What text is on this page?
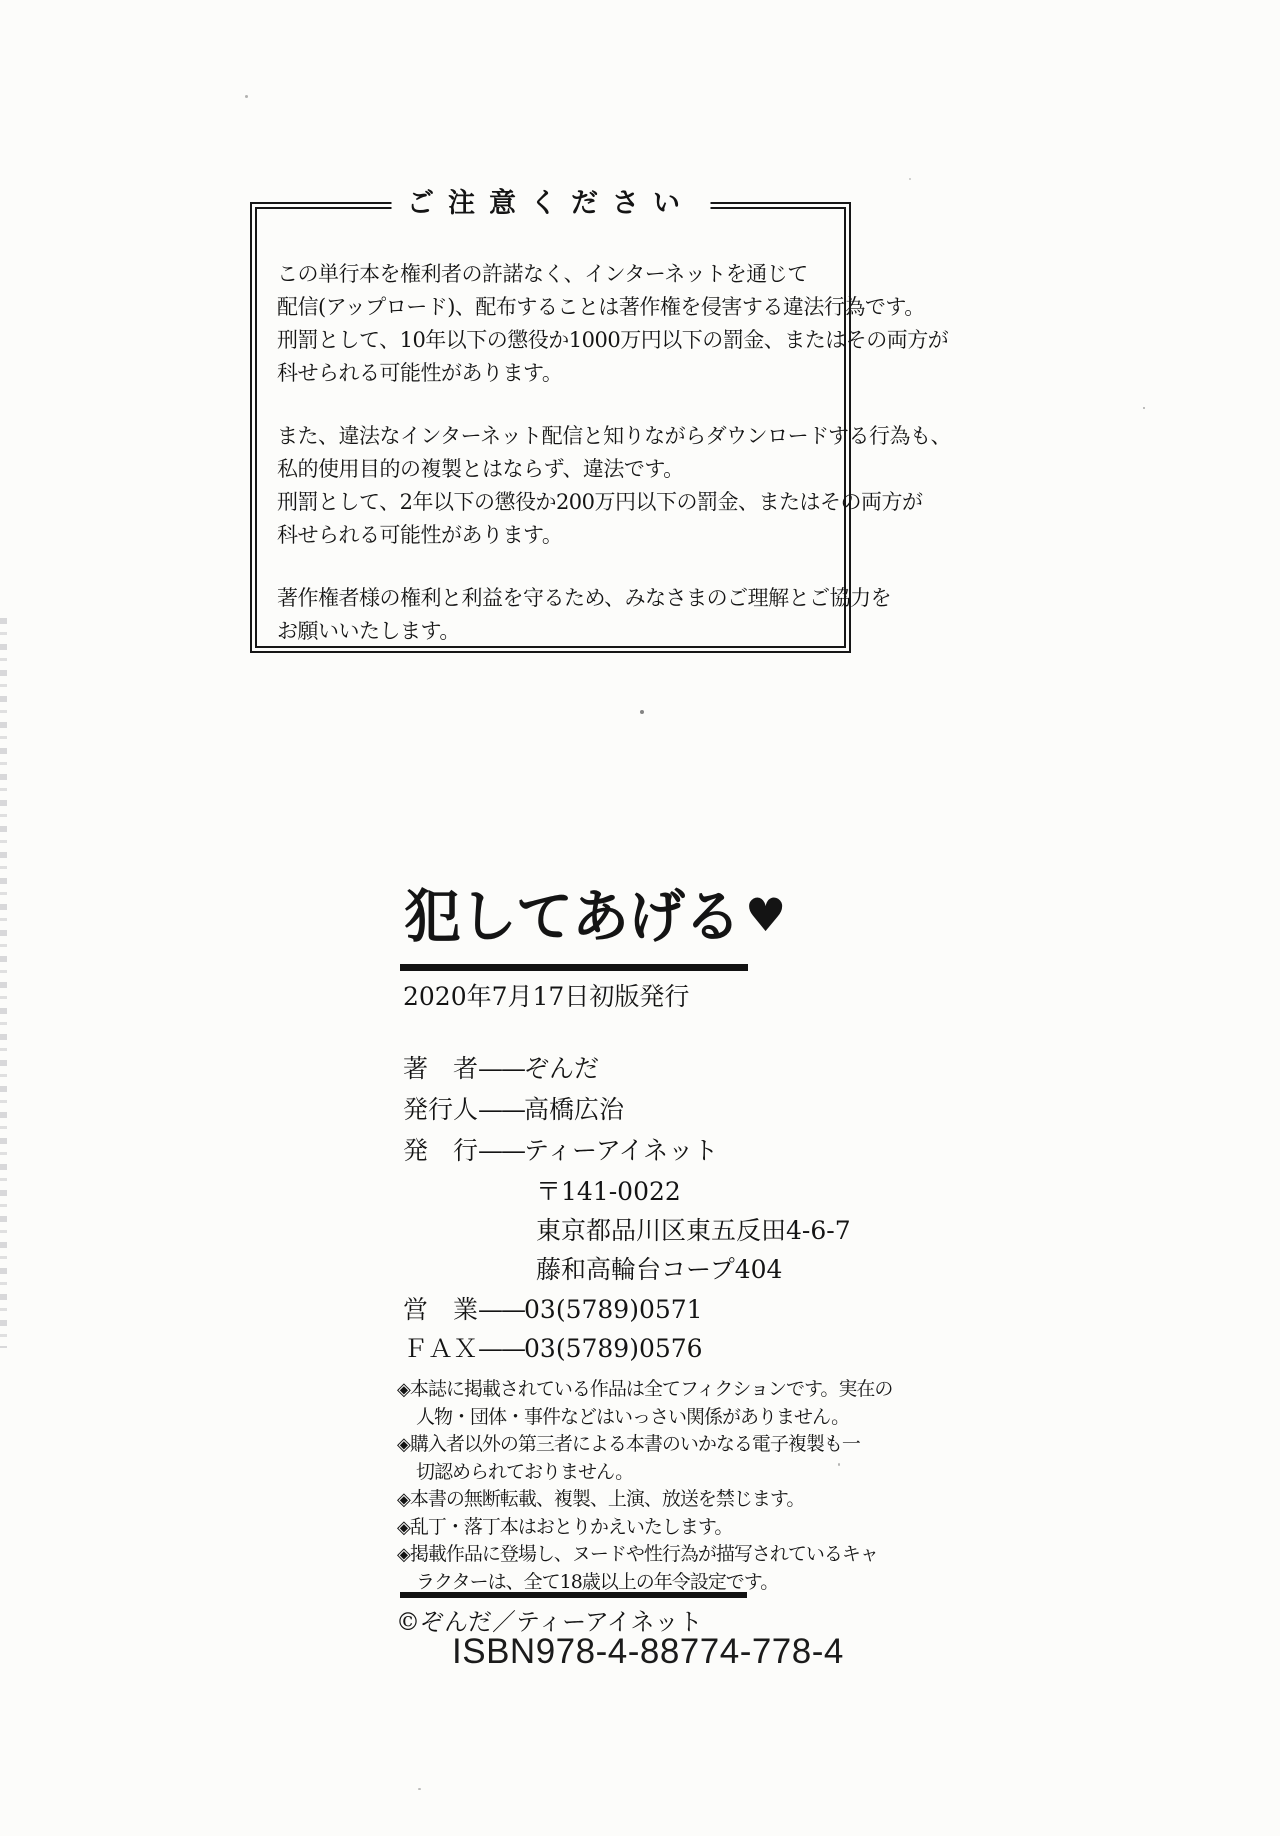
ご注意ください

この単行本を権利者の許諾なく、インターネットを通じて
配信(アップロード)、配布することは著作権を侵害する違法行為です。
刑罰として、10年以下の懲役か1000万円以下の罰金、またはその両方が
科せられる可能性があります。

また、違法なインターネット配信と知りながらダウンロードする行為も、
私的使用目的の複製とはならず、違法です。
刑罰として、2年以下の懲役か200万円以下の罰金、またはその両方が
科せられる可能性があります。

著作権者様の権利と利益を守るため、みなさまのご理解とご協力を
お願いいたします。

犯してあげる ♥
2020年7月17日初版発行
著　者——ぞんだ
発行人——高橋広治
発　行——ティーアイネット
〒141-0022
東京都品川区東五反田4-6-7
藤和高輪台コープ404
営　業——03(5789)0571
ＦＡＸ——03(5789)0576
◈本誌に掲載されている作品は全てフィクションです。実在の
人物・団体・事件などはいっさい関係がありません。
◈購入者以外の第三者による本書のいかなる電子複製も一
切認められておりません。
◈本書の無断転載、複製、上演、放送を禁じます。
◈乱丁・落丁本はおとりかえいたします。
◈掲載作品に登場し、ヌードや性行為が描写されているキャ
ラクターは、全て18歳以上の年令設定です。
©ぞんだ／ティーアイネット
ISBN978-4-88774-778-4
